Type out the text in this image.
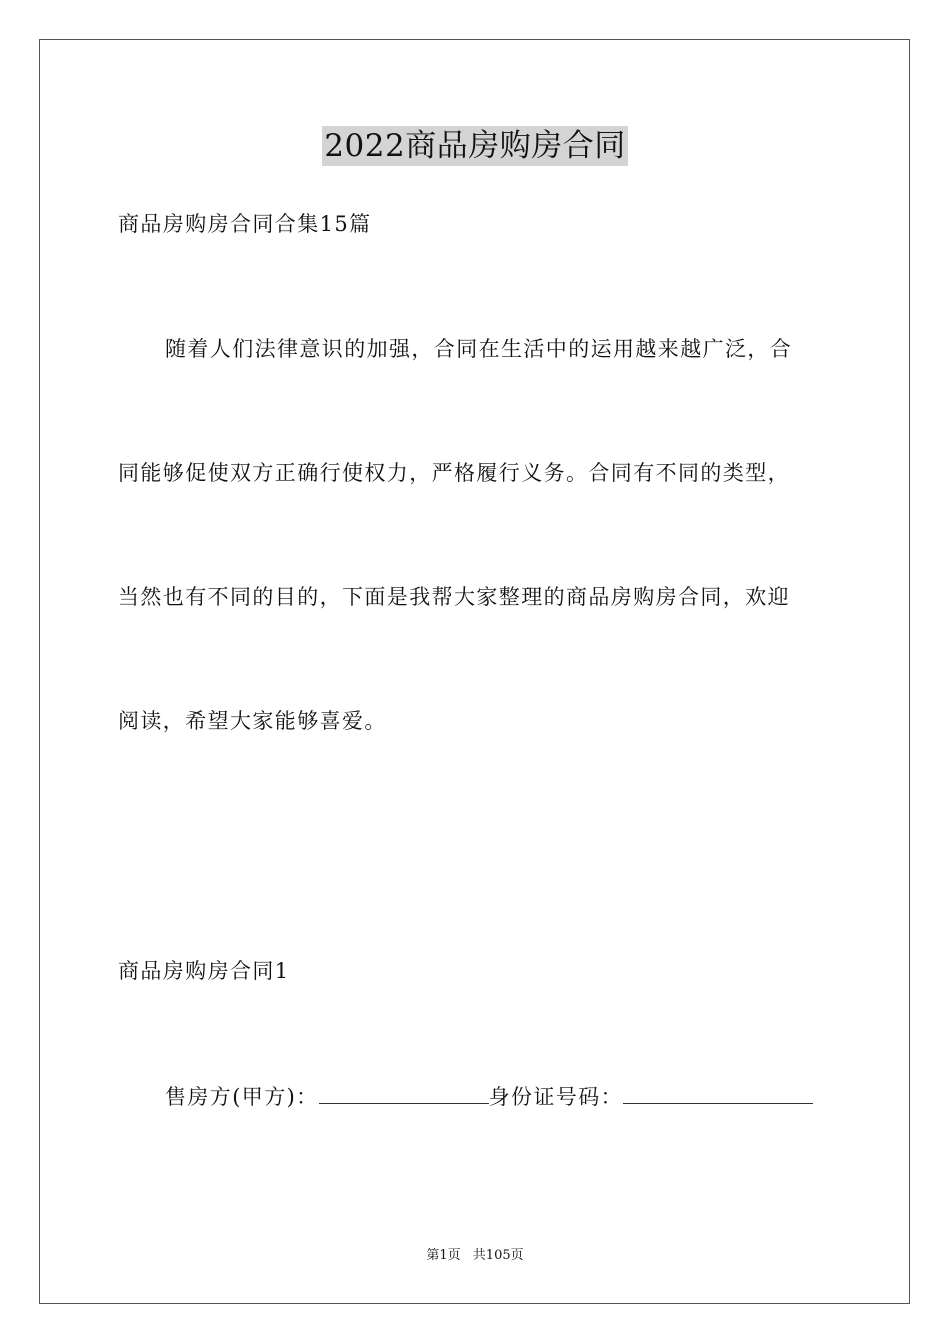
2022商品房购房合同
商品房购房合同合集15篇
随着人们法律意识的加强，合同在生活中的运用越来越广泛，合
同能够促使双方正确行使权力，严格履行义务。合同有不同的类型，
当然也有不同的目的，下面是我帮大家整理的商品房购房合同，欢迎
阅读，希望大家能够喜爱。
商品房购房合同1
售房方(甲方)：	身份证号码：
第1页 共105页
